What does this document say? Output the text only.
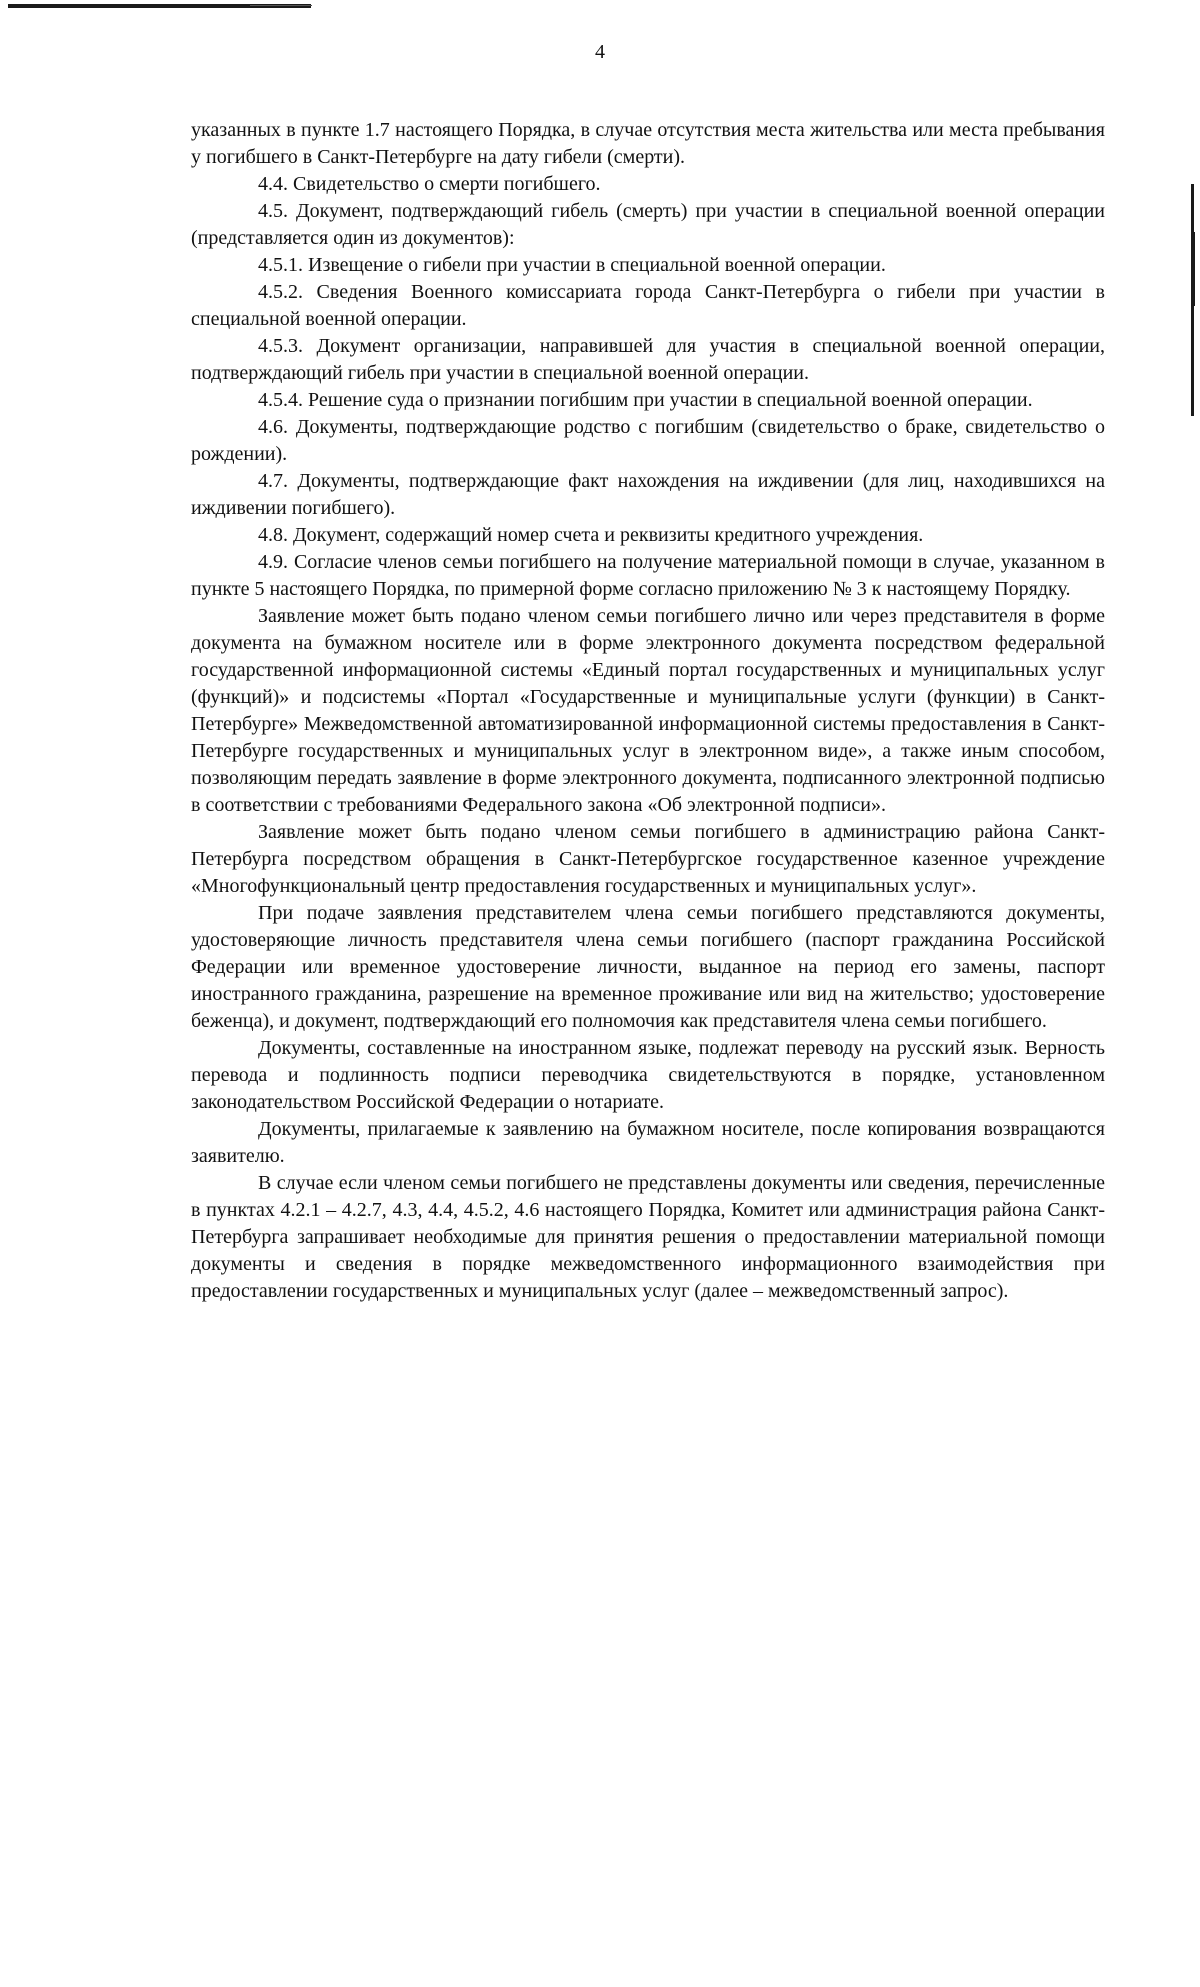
4

указанных в пункте 1.7 настоящего Порядка, в случае отсутствия места жительства или места пребывания у погибшего в Санкт-Петербурге на дату гибели (смерти).

4.4. Свидетельство о смерти погибшего.

4.5. Документ, подтверждающий гибель (смерть) при участии в специальной военной операции (представляется один из документов):

4.5.1. Извещение о гибели при участии в специальной военной операции.

4.5.2. Сведения Военного комиссариата города Санкт-Петербурга о гибели при участии в специальной военной операции.

4.5.3. Документ организации, направившей для участия в специальной военной операции, подтверждающий гибель при участии в специальной военной операции.

4.5.4. Решение суда о признании погибшим при участии в специальной военной операции.

4.6. Документы, подтверждающие родство с погибшим (свидетельство о браке, свидетельство о рождении).

4.7. Документы, подтверждающие факт нахождения на иждивении (для лиц, находившихся на иждивении погибшего).

4.8. Документ, содержащий номер счета и реквизиты кредитного учреждения.

4.9. Согласие членов семьи погибшего на получение материальной помощи в случае, указанном в пункте 5 настоящего Порядка, по примерной форме согласно приложению № 3 к настоящему Порядку.

Заявление может быть подано членом семьи погибшего лично или через представителя в форме документа на бумажном носителе или в форме электронного документа посредством федеральной государственной информационной системы «Единый портал государственных и муниципальных услуг (функций)» и подсистемы «Портал «Государственные и муниципальные услуги (функции) в Санкт-Петербурге» Межведомственной автоматизированной информационной системы предоставления в Санкт-Петербурге государственных и муниципальных услуг в электронном виде», а также иным способом, позволяющим передать заявление в форме электронного документа, подписанного электронной подписью в соответствии с требованиями Федерального закона «Об электронной подписи».

Заявление может быть подано членом семьи погибшего в администрацию района Санкт-Петербурга посредством обращения в Санкт-Петербургское государственное казенное учреждение «Многофункциональный центр предоставления государственных и муниципальных услуг».

При подаче заявления представителем члена семьи погибшего представляются документы, удостоверяющие личность представителя члена семьи погибшего (паспорт гражданина Российской Федерации или временное удостоверение личности, выданное на период его замены, паспорт иностранного гражданина, разрешение на временное проживание или вид на жительство; удостоверение беженца), и документ, подтверждающий его полномочия как представителя члена семьи погибшего.

Документы, составленные на иностранном языке, подлежат переводу на русский язык. Верность перевода и подлинность подписи переводчика свидетельствуются в порядке, установленном законодательством Российской Федерации о нотариате.

Документы, прилагаемые к заявлению на бумажном носителе, после копирования возвращаются заявителю.

В случае если членом семьи погибшего не представлены документы или сведения, перечисленные в пунктах 4.2.1 – 4.2.7, 4.3, 4.4, 4.5.2, 4.6 настоящего Порядка, Комитет или администрация района Санкт-Петербурга запрашивает необходимые для принятия решения о предоставлении материальной помощи документы и сведения в порядке межведомственного информационного взаимодействия при предоставлении государственных и муниципальных услуг (далее – межведомственный запрос).
